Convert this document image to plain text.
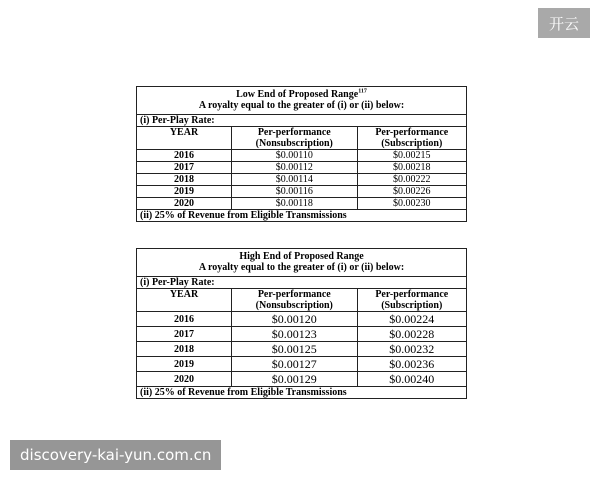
开云
Low End of Proposed Range$^{117}$
A royalty equal to the greater of (i) or (ii) below:		

(i) Per-Play Rate:		
YEAR	Per-performance (Nonsubscription)	Per-performance (Subscription)
2016	$0.00110	$0.00215
2017	$0.00112	$0.00218
2018	$0.00114	$0.00222
2019	$0.00116	$0.00226
2020	$0.00118	$0.00230
(ii) 25% of Revenue from Eligible Transmissions		
High End of Proposed Range
A royalty equal to the greater of (i) or (ii) below:		

(i) Per-Play Rate:		
YEAR	Per-performance (Nonsubscription)	Per-performance (Subscription)
2016	$0.00120	$0.00224
2017	$0.00123	$0.00228
2018	$0.00125	$0.00232
2019	$0.00127	$0.00236
2020	$0.00129	$0.00240
(ii) 25% of Revenue from Eligible Transmissions		
discovery-kai-yun.com.cn
